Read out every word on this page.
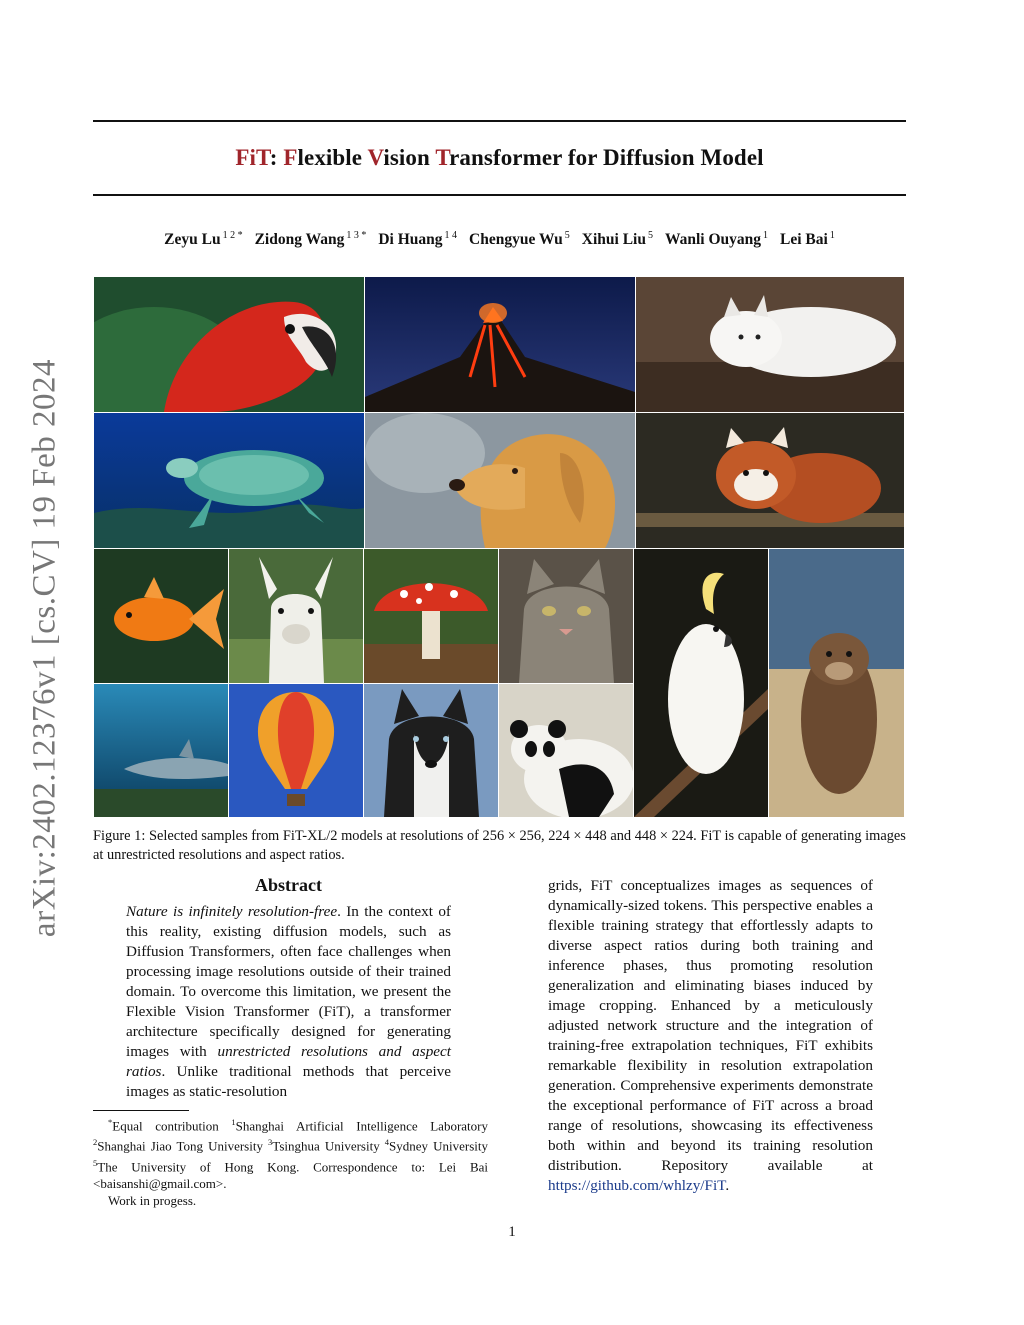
FiT: Flexible Vision Transformer for Diffusion Model
Zeyu Lu $^{1 2 *}$ Zidong Wang $^{1 3 *}$ Di Huang $^{1 4}$ Chengyue Wu $^5$ Xihui Liu $^5$ Wanli Ouyang $^1$ Lei Bai $^1$
arXiv:2402.12376v1 [cs.CV] 19 Feb 2024 Figure 1: Selected samples from FiT-XL/2 models at resolutions of 256 × 256, 224 × 448 and 448 × 224. FiT is capable of generating images at unrestricted resolutions and aspect ratios.
Abstract

Nature is infinitely resolution-free. In the context of this reality, existing diffusion models, such as Diffusion Transformers, often face challenges when processing image resolutions outside of their trained domain. To overcome this limitation, we present the Flexible Vision Transformer (FiT), a transformer architecture specifically designed for generating images with unrestricted resolutions and aspect ratios. Unlike traditional methods that perceive images as static-resolution

grids, FiT conceptualizes images as sequences of dynamically-sized tokens. This perspective enables a flexible training strategy that effortlessly adapts to diverse aspect ratios during both training and inference phases, thus promoting resolution generalization and eliminating biases induced by image cropping. Enhanced by a meticulously adjusted network structure and the integration of training-free extrapolation techniques, FiT exhibits remarkable flexibility in resolution extrapolation generation. Comprehensive experiments demonstrate the exceptional performance of FiT across a broad range of resolutions, showcasing its effectiveness both within and beyond its training resolution distribution. Repository available at https://github.com/whlzy/FiT.

*Equal contribution $^1$Shanghai Artificial Intelligence Laboratory $^2$Shanghai Jiao Tong University $^3$Tsinghua University $^4$Sydney University $^5$The University of Hong Kong. Correspondence to: Lei Bai <baisanshi@gmail.com>.
Work in progess.
1
